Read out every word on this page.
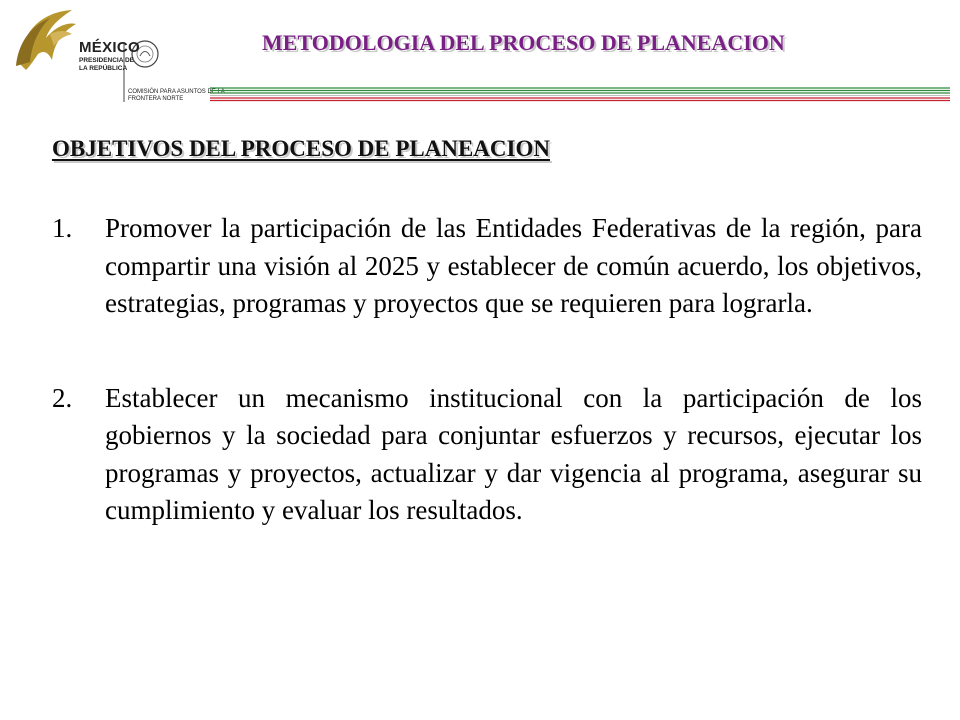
MÉXICO
PRESIDENCIA DE LA REPÚBLICA
COMISIÓN PARA ASUNTOS DE LA FRONTERA NORTE
METODOLOGIA DEL PROCESO DE PLANEACION
OBJETIVOS DEL PROCESO DE PLANEACION
1. Promover la participación de las Entidades Federativas de la región, para compartir una visión al 2025 y establecer de común acuerdo, los objetivos, estrategias, programas y proyectos que se requieren para lograrla.
2. Establecer un mecanismo institucional con la participación de los gobiernos y la sociedad para conjuntar esfuerzos y recursos, ejecutar los programas y proyectos, actualizar y dar vigencia al programa, asegurar su cumplimiento y evaluar los resultados.
